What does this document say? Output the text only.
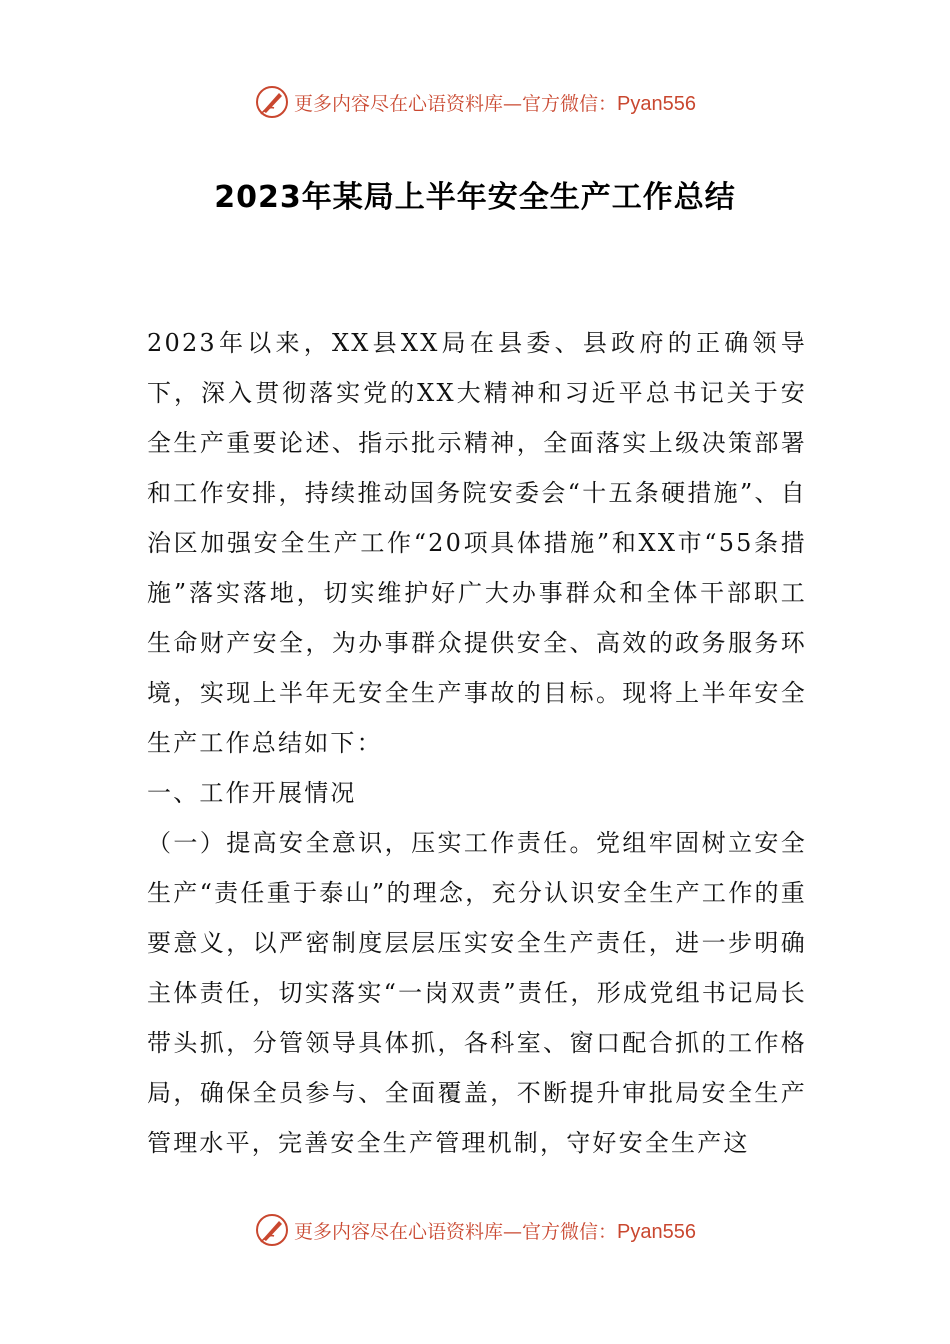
更多内容尽在心语资料库—官方微信：Pyan556
2023年某局上半年安全生产工作总结

2023年以来，XX县XX局在县委、县政府的正确领导下，深入贯彻落实党的XX大精神和习近平总书记关于安全生产重要论述、指示批示精神，全面落实上级决策部署和工作安排，持续推动国务院安委会“十五条硬措施”、自治区加强安全生产工作“20项具体措施”和XX市“55条措施”落实落地，切实维护好广大办事群众和全体干部职工生命财产安全，为办事群众提供安全、高效的政务服务环境，实现上半年无安全生产事故的目标。现将上半年安全生产工作总结如下：

一、工作开展情况

（一）提高安全意识，压实工作责任。党组牢固树立安全生产“责任重于泰山”的理念，充分认识安全生产工作的重要意义，以严密制度层层压实安全生产责任，进一步明确主体责任，切实落实“一岗双责”责任，形成党组书记局长带头抓，分管领导具体抓，各科室、窗口配合抓的工作格局，确保全员参与、全面覆盖，不断提升审批局安全生产管理水平，完善安全生产管理机制，守好安全生产这

更多内容尽在心语资料库—官方微信：Pyan556
